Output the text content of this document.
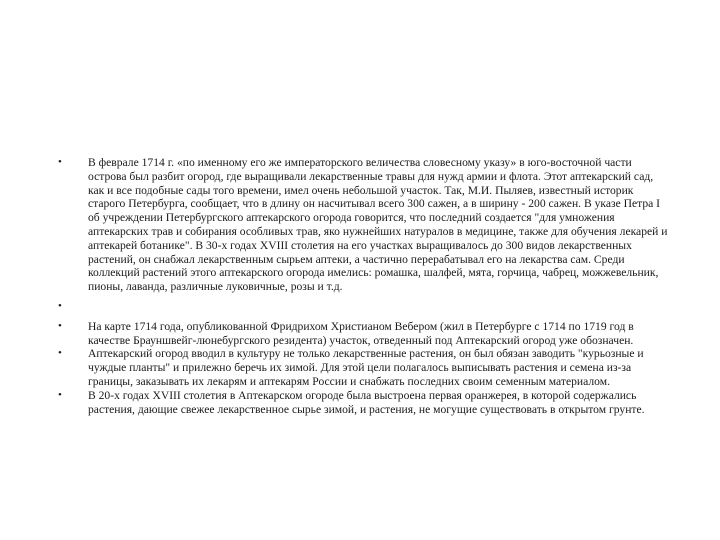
• В феврале 1714 г. «по именному его же императорского величества словесному указу» в юго-восточной части острова был разбит огород, где выращивали лекарственные травы для нужд армии и флота. Этот аптекарский сад, как и все подобные сады того времени, имел очень небольшой участок. Так, М.И. Пыляев, известный историк старого Петербурга, сообщает, что в длину он насчитывал всего 300 сажен, а в ширину - 200 сажен. В указе Петра I об учреждении Петербургского аптекарского огорода говорится, что последний создается "для умножения аптекарских трав и собирания особливых трав, яко нужнейших натуралов в медицине, также для обучения лекарей и аптекарей ботанике". В 30-х годах XVIII столетия на его участках выращивалось до 300 видов лекарственных растений, он снабжал лекарственным сырьем аптеки, а частично перерабатывал его на лекарства сам. Среди коллекций растений этого аптекарского огорода имелись: ромашка, шалфей, мята, горчица, чабрец, можжевельник, пионы, лаванда, различные луковичные, розы и т.д.
•
• На карте 1714 года, опубликованной Фридрихом Христианом Вебером (жил в Петербурге с 1714 по 1719 год в качестве Брауншвейг-люнебургского резидента) участок, отведенный под Аптекарский огород уже обозначен.
• Аптекарский огород вводил в культуру не только лекарственные растения, он был обязан заводить "курьозные и чуждые планты" и прилежно беречь их зимой. Для этой цели полагалось выписывать растения и семена из-за границы, заказывать их лекарям и аптекарям России и снабжать последних своим семенным материалом.
• В 20-х годах XVIII столетия в Аптекарском огороде была выстроена первая оранжерея, в которой содержались растения, дающие свежее лекарственное сырье зимой, и растения, не могущие существовать в открытом грунте.
